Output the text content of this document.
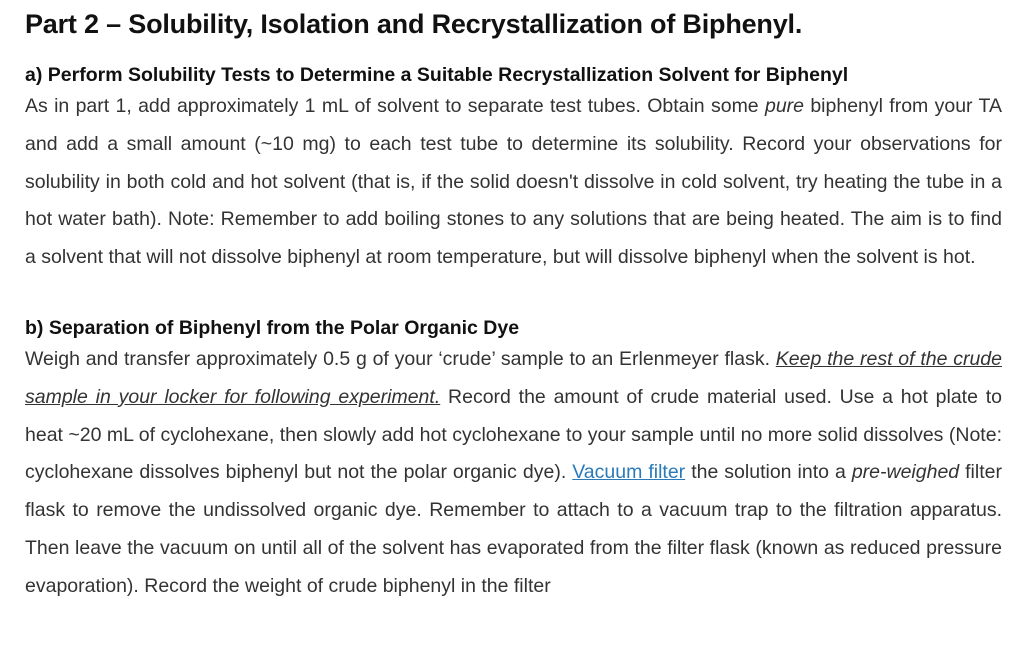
Part 2 – Solubility, Isolation and Recrystallization of Biphenyl.
a) Perform Solubility Tests to Determine a Suitable Recrystallization Solvent for Biphenyl

As in part 1, add approximately 1 mL of solvent to separate test tubes. Obtain some pure biphenyl from your TA and add a small amount (~10 mg) to each test tube to determine its solubility. Record your observations for solubility in both cold and hot solvent (that is, if the solid doesn't dissolve in cold solvent, try heating the tube in a hot water bath). Note: Remember to add boiling stones to any solutions that are being heated. The aim is to find a solvent that will not dissolve biphenyl at room temperature, but will dissolve biphenyl when the solvent is hot.

b) Separation of Biphenyl from the Polar Organic Dye

Weigh and transfer approximately 0.5 g of your ‘crude’ sample to an Erlenmeyer flask. Keep the rest of the crude sample in your locker for following experiment. Record the amount of crude material used. Use a hot plate to heat ~20 mL of cyclohexane, then slowly add hot cyclohexane to your sample until no more solid dissolves (Note: cyclohexane dissolves biphenyl but not the polar organic dye). Vacuum filter the solution into a pre-weighed filter flask to remove the undissolved organic dye. Remember to attach to a vacuum trap to the filtration apparatus. Then leave the vacuum on until all of the solvent has evaporated from the filter flask (known as reduced pressure evaporation). Record the weight of crude biphenyl in the filter
